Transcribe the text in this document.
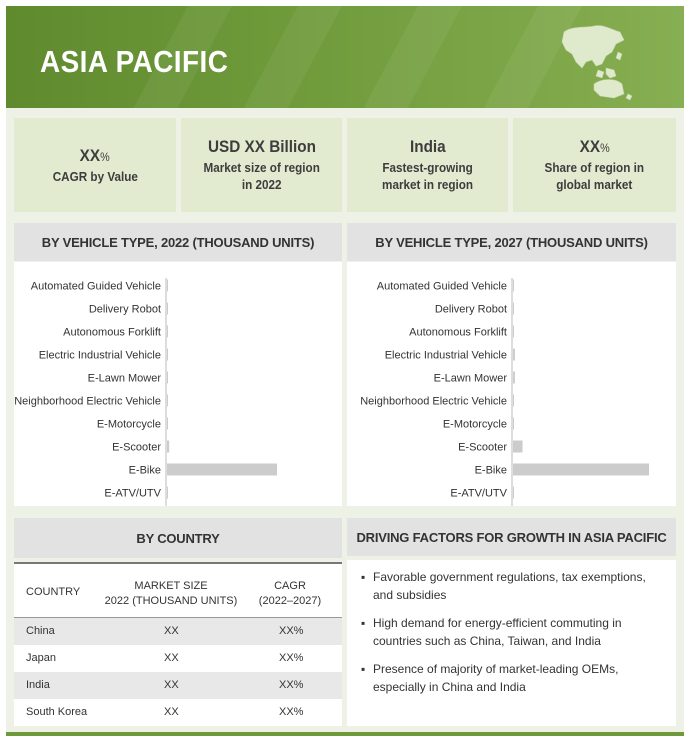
ASIA PACIFIC
XX%
CAGR by Value
USD XX Billion
Market size of region
in 2022
India
Fastest-growing
market in region
XX%
Share of region in
global market
BY VEHICLE TYPE, 2022 (THOUSAND UNITS)	BY VEHICLE TYPE, 2027 (THOUSAND UNITS)
Automated Guided Vehicle
Delivery Robot
Autonomous Forklift
Electric Industrial Vehicle
E-Lawn Mower
Neighborhood Electric Vehicle
E-Motorcycle
E-Scooter
E-Bike
E-ATV/UTV
Automated Guided Vehicle
Delivery Robot
Autonomous Forklift
Electric Industrial Vehicle
E-Lawn Mower
Neighborhood Electric Vehicle
E-Motorcycle
E-Scooter
E-Bike
E-ATV/UTV
BY COUNTRY	DRIVING FACTORS FOR GROWTH IN ASIA PACIFIC
COUNTRY	MARKET SIZE
2022 (THOUSAND UNITS)
CAGR
(2022–2027)
China	XX	XX%
Japan	XX	XX%
India	XX	XX%
South Korea	XX	XX%
▪ Favorable government regulations, tax exemptions, and subsidies
▪ High demand for energy-efficient commuting in countries such as China, Taiwan, and India
▪ Presence of majority of market-leading OEMs, especially in China and India
